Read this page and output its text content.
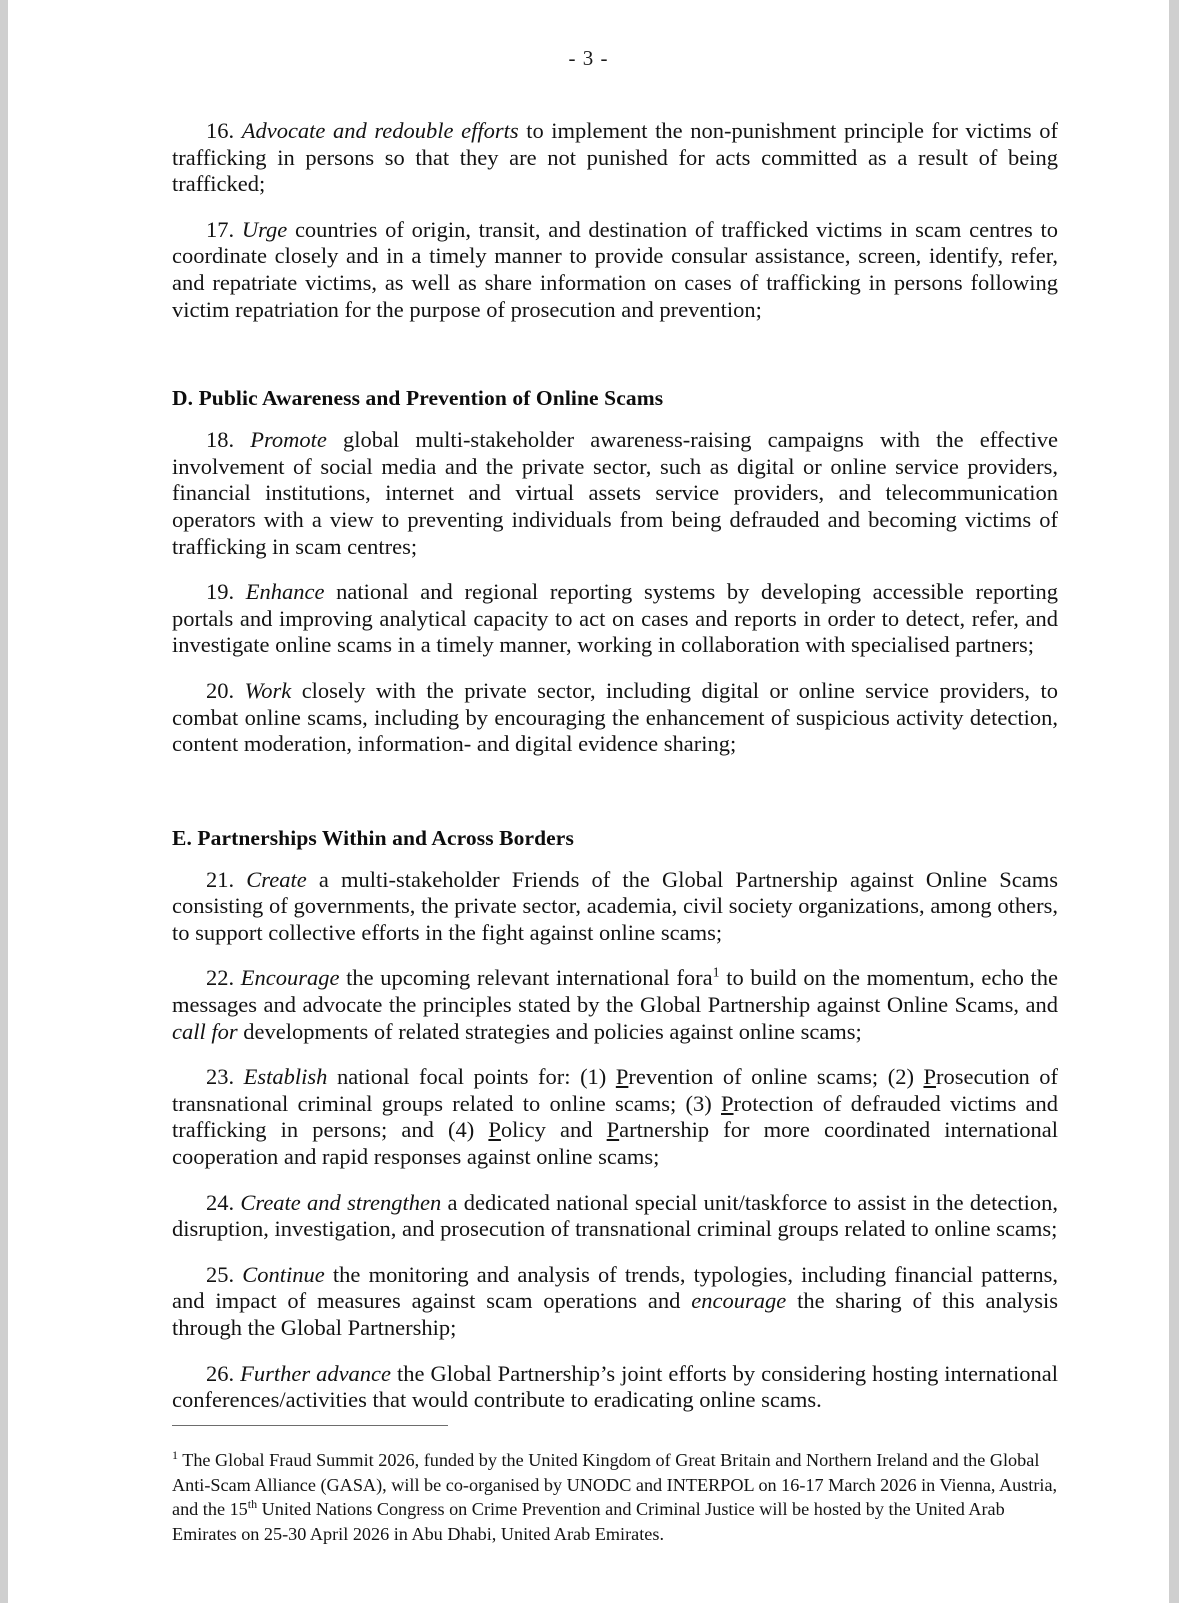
- 3 -

16. Advocate and redouble efforts to implement the non-punishment principle for victims of trafficking in persons so that they are not punished for acts committed as a result of being trafficked;

17. Urge countries of origin, transit, and destination of trafficked victims in scam centres to coordinate closely and in a timely manner to provide consular assistance, screen, identify, refer, and repatriate victims, as well as share information on cases of trafficking in persons following victim repatriation for the purpose of prosecution and prevention;

D. Public Awareness and Prevention of Online Scams

18. Promote global multi-stakeholder awareness-raising campaigns with the effective involvement of social media and the private sector, such as digital or online service providers, financial institutions, internet and virtual assets service providers, and telecommunication operators with a view to preventing individuals from being defrauded and becoming victims of trafficking in scam centres;

19. Enhance national and regional reporting systems by developing accessible reporting portals and improving analytical capacity to act on cases and reports in order to detect, refer, and investigate online scams in a timely manner, working in collaboration with specialised partners;

20. Work closely with the private sector, including digital or online service providers, to combat online scams, including by encouraging the enhancement of suspicious activity detection, content moderation, information- and digital evidence sharing;

E. Partnerships Within and Across Borders

21. Create a multi-stakeholder Friends of the Global Partnership against Online Scams consisting of governments, the private sector, academia, civil society organizations, among others, to support collective efforts in the fight against online scams;

22. Encourage the upcoming relevant international fora$^1$ to build on the momentum, echo the messages and advocate the principles stated by the Global Partnership against Online Scams, and call for developments of related strategies and policies against online scams;

23. Establish national focal points for: (1) Prevention of online scams; (2) Prosecution of transnational criminal groups related to online scams; (3) Protection of defrauded victims and trafficking in persons; and (4) Policy and Partnership for more coordinated international cooperation and rapid responses against online scams;

24. Create and strengthen a dedicated national special unit/taskforce to assist in the detection, disruption, investigation, and prosecution of transnational criminal groups related to online scams;

25. Continue the monitoring and analysis of trends, typologies, including financial patterns, and impact of measures against scam operations and encourage the sharing of this analysis through the Global Partnership;

26. Further advance the Global Partnership’s joint efforts by considering hosting international conferences/activities that would contribute to eradicating online scams.

$^1$ The Global Fraud Summit 2026, funded by the United Kingdom of Great Britain and Northern Ireland and the Global Anti-Scam Alliance (GASA), will be co-organised by UNODC and INTERPOL on 16-17 March 2026 in Vienna, Austria, and the 15th United Nations Congress on Crime Prevention and Criminal Justice will be hosted by the United Arab Emirates on 25-30 April 2026 in Abu Dhabi, United Arab Emirates.
